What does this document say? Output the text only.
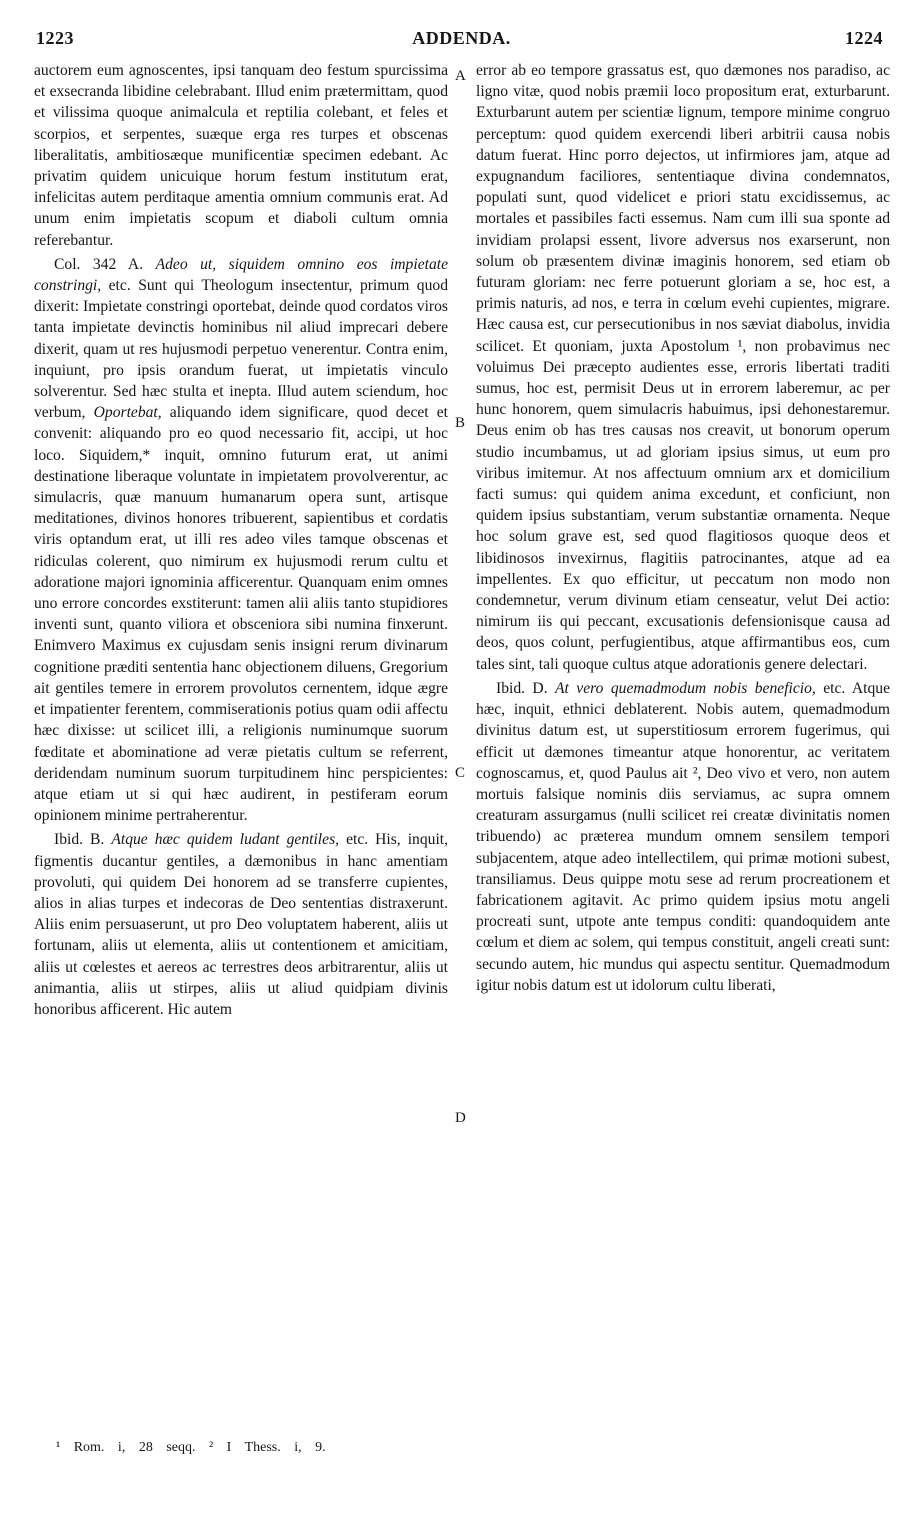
1223	ADDENDA.	1224
A
B
C
D

auctorem eum agnoscentes, ipsi tanquam deo festum spurcissima et exsecranda libidine celebrabant. Illud enim prætermittam, quod et vilissima quoque animalcula et reptilia colebant, et feles et scorpios, et serpentes, suæque erga res turpes et obscenas liberalitatis, ambitiosæque munificentiæ specimen edebant. Ac privatim quidem unicuique horum festum institutum erat, infelicitas autem perditaque amentia omnium communis erat. Ad unum enim impietatis scopum et diaboli cultum omnia referebantur.

Col. 342 A. Adeo ut, siquidem omnino eos impietate constringi, etc. Sunt qui Theologum insectentur, primum quod dixerit: Impietate constringi oportebat, deinde quod cordatos viros tanta impietate devinctis hominibus nil aliud imprecari debere dixerit, quam ut res hujusmodi perpetuo venerentur. Contra enim, inquiunt, pro ipsis orandum fuerat, ut impietatis vinculo solverentur. Sed hæc stulta et inepta. Illud autem sciendum, hoc verbum, Oportebat, aliquando idem significare, quod decet et convenit: aliquando pro eo quod necessario fit, accipi, ut hoc loco. Siquidem,* inquit, omnino futurum erat, ut animi destinatione liberaque voluntate in impietatem provolverentur, ac simulacris, quæ manuum humanarum opera sunt, artisque meditationes, divinos honores tribuerent, sapientibus et cordatis viris optandum erat, ut illi res adeo viles tamque obscenas et ridiculas colerent, quo nimirum ex hujusmodi rerum cultu et adoratione majori ignominia afficerentur. Quanquam enim omnes uno errore concordes exstiterunt: tamen alii aliis tanto stupidiores inventi sunt, quanto viliora et obsceniora sibi numina finxerunt. Enimvero Maximus ex cujusdam senis insigni rerum divinarum cognitione præditi sententia hanc objectionem diluens, Gregorium ait gentiles temere in errorem provolutos cernentem, idque ægre et impatienter ferentem, commiserationis potius quam odii affectu hæc dixisse: ut scilicet illi, a religionis numinumque suorum fœditate et abominatione ad veræ pietatis cultum se referrent, deridendam numinum suorum turpitudinem hinc perspicientes: atque etiam ut si qui hæc audirent, in pestiferam eorum opinionem minime pertraherentur.

Ibid. B. Atque hæc quidem ludant gentiles, etc. His, inquit, figmentis ducantur gentiles, a dæmonibus in hanc amentiam provoluti, qui quidem Dei honorem ad se transferre cupientes, alios in alias turpes et indecoras de Deo sententias distraxerunt. Aliis enim persuaserunt, ut pro Deo voluptatem haberent, aliis ut fortunam, aliis ut elementa, aliis ut contentionem et amicitiam, aliis ut cœlestes et aereos ac terrestres deos arbitrarentur, aliis ut animantia, aliis ut stirpes, aliis ut aliud quidpiam divinis honoribus afficerent. Hic autem

error ab eo tempore grassatus est, quo dæmones nos paradiso, ac ligno vitæ, quod nobis præmii loco propositum erat, exturbarunt. Exturbarunt autem per scientiæ lignum, tempore minime congruo perceptum: quod quidem exercendi liberi arbitrii causa nobis datum fuerat. Hinc porro dejectos, ut infirmiores jam, atque ad expugnandum faciliores, sententiaque divina condemnatos, populati sunt, quod videlicet e priori statu excidissemus, ac mortales et passibiles facti essemus. Nam cum illi sua sponte ad invidiam prolapsi essent, livore adversus nos exarserunt, non solum ob præsentem divinæ imaginis honorem, sed etiam ob futuram gloriam: nec ferre potuerunt gloriam a se, hoc est, a primis naturis, ad nos, e terra in cœlum evehi cupientes, migrare. Hæc causa est, cur persecutionibus in nos sæviat diabolus, invidia scilicet. Et quoniam, juxta Apostolum ¹, non probavimus nec voluimus Dei præcepto audientes esse, erroris libertati traditi sumus, hoc est, permisit Deus ut in errorem laberemur, ac per hunc honorem, quem simulacris habuimus, ipsi dehonestaremur. Deus enim ob has tres causas nos creavit, ut bonorum operum studio incumbamus, ut ad gloriam ipsius simus, ut eum pro viribus imitemur. At nos affectuum omnium arx et domicilium facti sumus: qui quidem anima excedunt, et conficiunt, non quidem ipsius substantiam, verum substantiæ ornamenta. Neque hoc solum grave est, sed quod flagitiosos quoque deos et libidinosos invexirnus, flagitiis patrocinantes, atque ad ea impellentes. Ex quo efficitur, ut peccatum non modo non condemnetur, verum divinum etiam censeatur, velut Dei actio: nimirum iis qui peccant, excusationis defensionisque causa ad deos, quos colunt, perfugientibus, atque affirmantibus eos, cum tales sint, tali quoque cultus atque adorationis genere delectari.

Ibid. D. At vero quemadmodum nobis beneficio, etc. Atque hæc, inquit, ethnici deblaterent. Nobis autem, quemadmodum divinitus datum est, ut superstitiosum errorem fugerimus, qui efficit ut dæmones timeantur atque honorentur, ac veritatem cognoscamus, et, quod Paulus ait ², Deo vivo et vero, non autem mortuis falsique nominis diis serviamus, ac supra omnem creaturam assurgamus (nulli scilicet rei creatæ divinitatis nomen tribuendo) ac præterea mundum omnem sensilem tempori subjacentem, atque adeo intellectilem, qui primæ motioni subest, transiliamus. Deus quippe motu sese ad rerum procreationem et fabricationem agitavit. Ac primo quidem ipsius motu angeli procreati sunt, utpote ante tempus conditi: quandoquidem ante cœlum et diem ac solem, qui tempus constituit, angeli creati sunt: secundo autem, hic mundus qui aspectu sentitur. Quemadmodum igitur nobis datum est ut idolorum cultu liberati,

¹ Rom. i, 28 seqq. ² I Thess. i, 9.
